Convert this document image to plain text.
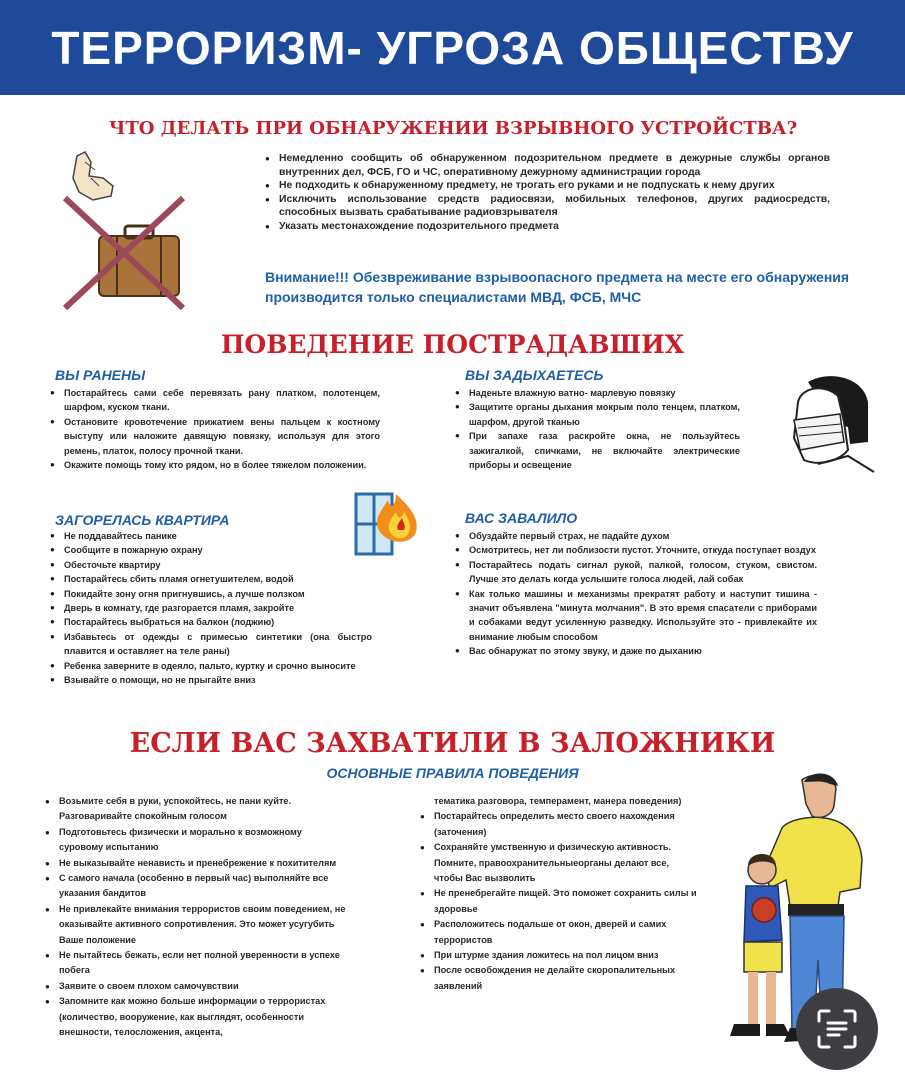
ТЕРРОРИЗМ- УГРОЗА ОБЩЕСТВУ
ЧТО ДЕЛАТЬ ПРИ ОБНАРУЖЕНИИ ВЗРЫВНОГО УСТРОЙСТВА?
● Немедленно сообщить об обнаруженном подозрительном предмете в дежурные службы органов внутренних дел, ФСБ, ГО и ЧС, оперативному дежурному администрации города
● Не подходить к обнаруженному предмету, не трогать его руками и не подпускать к нему других
● Исключить использование средств радиосвязи, мобильных телефонов, других радиосредств, способных вызвать срабатывание радиовзрывателя
● Указать местонахождение подозрительного предмета
Внимание!!! Обезвреживание взрывоопасного предмета на месте его обнаружения производится только специалистами МВД, ФСБ, МЧС
ПОВЕДЕНИЕ ПОСТРАДАВШИХ
ВЫ РАНЕНЫ
● Постарайтесь сами себе перевязать рану платком, полотенцем, шарфом, куском ткани.
● Остановите кровотечение прижатием вены пальцем к костному выступу или наложите давящую повязку, используя для этого ремень, платок, полосу прочной ткани.
● Окажите помощь тому кто рядом, но в более тяжелом положении.
ВЫ ЗАДЫХАЕТЕСЬ
● Наденьте влажную ватно- марлевую повязку
● Защитите органы дыхания мокрым поло тенцем, платком, шарфом, другой тканью
● При запахе газа раскройте окна, не пользуйтесь зажигалкой, спичками, не включайте электрические приборы и освещение
ЗАГОРЕЛАСЬ КВАРТИРА
● Не поддавайтесь панике
● Сообщите в пожарную охрану
● Обесточьте квартиру
● Постарайтесь сбить пламя огнетушителем, водой
● Покидайте зону огня пригнувшись, а лучше ползком
● Дверь в комнату, где разгорается пламя, закройте
● Постарайтесь выбраться на балкон (лоджию)
● Избавьтесь от одежды с примесью синтетики (она быстро плавится и оставляет на теле раны)
● Ребенка заверните в одеяло, пальто, куртку и срочно выносите
● Взывайте о помощи, но не прыгайте вниз
ВАС ЗАВАЛИЛО
● Обуздайте первый страх, не падайте духом
● Осмотритесь, нет ли поблизости пустот. Уточните, откуда поступает воздух
● Постарайтесь подать сигнал рукой, палкой, голосом, стуком, свистом. Лучше это делать когда услышите голоса людей, лай собак
● Как только машины и механизмы прекратят работу и наступит тишина - значит объявлена "минута молчания". В это время спасатели с приборами и собаками ведут усиленную разведку. Используйте это - привлекайте их внимание любым способом
● Вас обнаружат по этому звуку, и даже по дыханию
ЕСЛИ ВАС ЗАХВАТИЛИ В ЗАЛОЖНИКИ
ОСНОВНЫЕ ПРАВИЛА ПОВЕДЕНИЯ
● Возьмите себя в руки, успокойтесь, не пани куйте. Разговаривайте спокойным голосом
● Подготовьтесь физически и морально к возможному суровому испытанию
● Не выказывайте ненависть и пренебрежение к похитителям
● С самого начала (особенно в первый час) выполняйте все указания бандитов
● Не привлекайте внимания террористов своим поведением, не оказывайте активного сопротивления. Это может усугубить Ваше положение
● Не пытайтесь бежать, если нет полной уверенности в успехе побега
● Заявите о своем плохом самочувствии
● Запомните как можно больше информации о террористах (количество, вооружение, как выглядят, особенности внешности, телосложения, акцента,
тематика разговора, темперамент, манера поведения)
● Постарайтесь определить место своего нахождения (заточения)
● Сохраняйте умственную и физическую активность. Помните, правоохранительныеорганы делают все, чтобы Вас вызволить
● Не пренебрегайте пищей. Это поможет сохранить силы и здоровье
● Расположитесь подальше от окон, дверей и самих террористов
● При штурме здания ложитесь на пол лицом вниз
● После освобождения не делайте скоропалительных заявлений
